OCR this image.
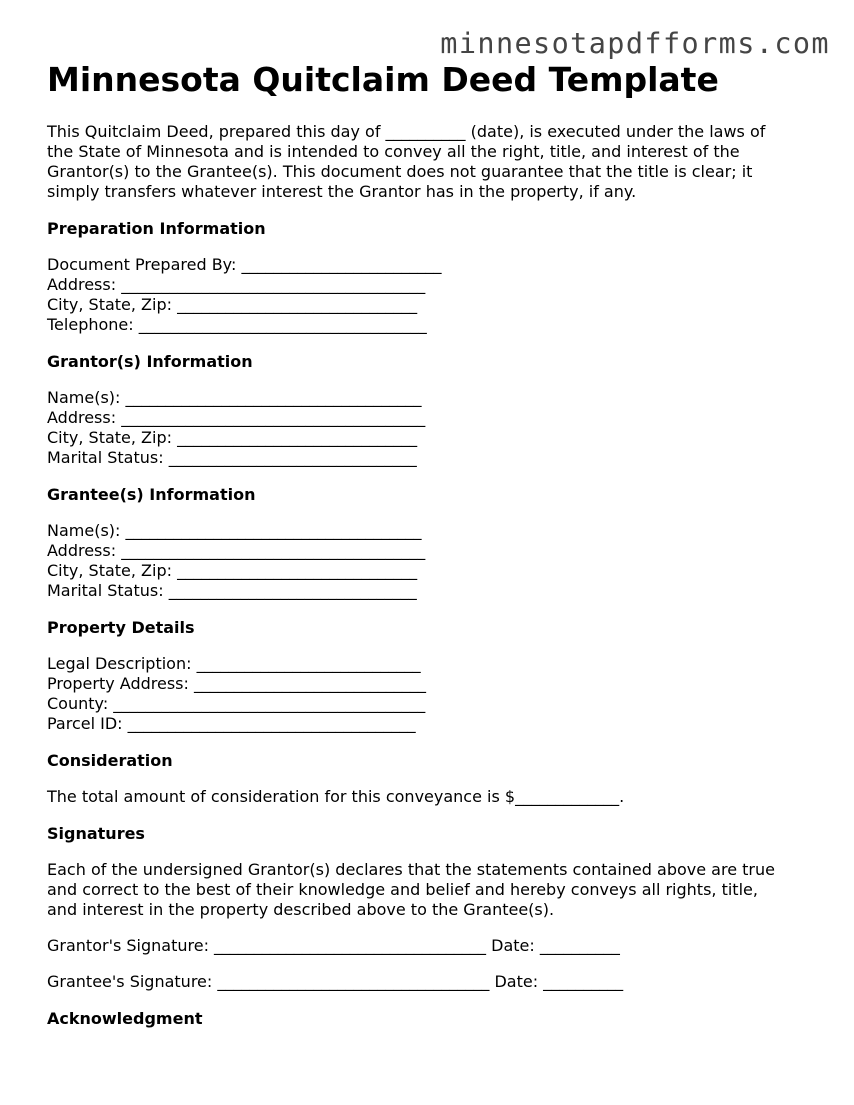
minnesotapdfforms.com
Minnesota Quitclaim Deed Template
This Quitclaim Deed, prepared this day of __________ (date), is executed under the laws of
the State of Minnesota and is intended to convey all the right, title, and interest of the
Grantor(s) to the Grantee(s). This document does not guarantee that the title is clear; it
simply transfers whatever interest the Grantor has in the property, if any.
Preparation Information
Document Prepared By: _________________________
Address: ______________________________________
City, State, Zip: ______________________________
Telephone: ____________________________________
Grantor(s) Information
Name(s): _____________________________________
Address: ______________________________________
City, State, Zip: ______________________________
Marital Status: _______________________________
Grantee(s) Information
Name(s): _____________________________________
Address: ______________________________________
City, State, Zip: ______________________________
Marital Status: _______________________________
Property Details
Legal Description: ____________________________
Property Address: _____________________________
County: _______________________________________
Parcel ID: ____________________________________
Consideration
The total amount of consideration for this conveyance is $_____________.
Signatures
Each of the undersigned Grantor(s) declares that the statements contained above are true
and correct to the best of their knowledge and belief and hereby conveys all rights, title,
and interest in the property described above to the Grantee(s).
Grantor's Signature: __________________________________ Date: __________
Grantee's Signature: __________________________________ Date: __________
Acknowledgment
